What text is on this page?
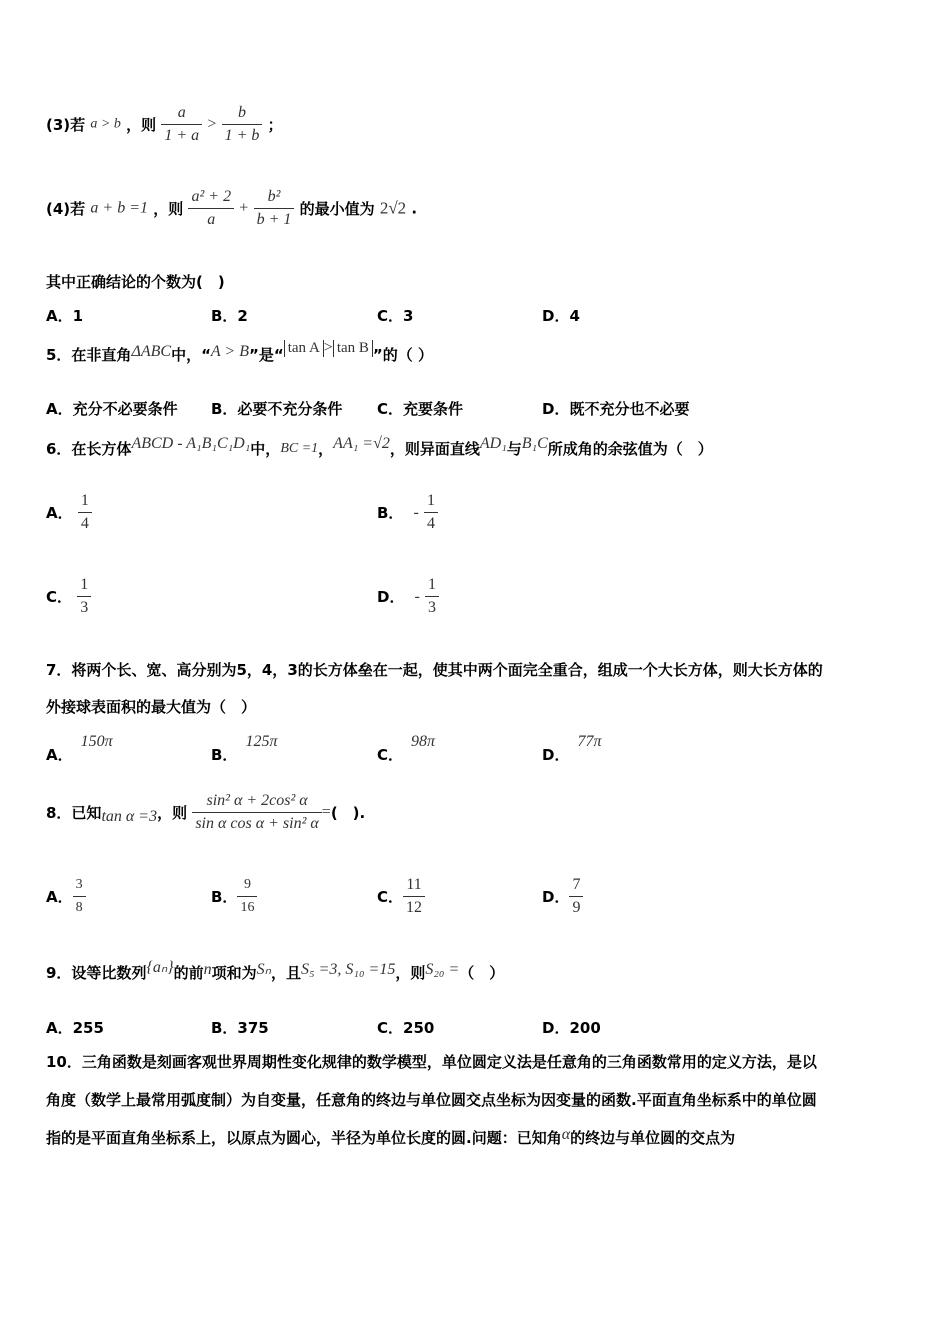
(3)若 a > b ，则 $\frac{a}{1 + a} > \frac{b}{1 + b}$ ；
(4)若 a + b =1 ，则 $\frac{\text{a² + 2}}{a} + \frac{\text{b²}}{b + 1}$ 的最小值为 2√2 .
其中正确结论的个数为(　)
A．1	B．2	C．3	D．4
5．在非直角ΔABC中，“A > B”是“ tan A > tan B ”的（ ）
A．充分不必要条件 B．必要不充分条件 C．充要条件	D．既不充分也不必要
6．在长方体ABCD - A₁B₁C₁D₁中，BC =1，AA₁ =√2，则异面直线AD₁与B₁C所成角的余弦值为（　）
A． $\frac{1}{4}$	B． - $\frac{1}{4}$
C． $\frac{1}{3}$	D． - $\frac{1}{3}$
7．将两个长、宽、高分别为5，4，3的长方体垒在一起，使其中两个面完全重合，组成一个大长方体，则大长方体的
外接球表面积的最大值为（　）
A．150π
B．125π
C．98π
D．77π
8．已知tan α =3，则 $\frac{\text{sin² α + 2cos² α}}{\text{sin α cos α + sin² α}}$ =(　).
A． $\frac{3}{8}$	B． $\frac{9}{16}$	C． $\frac{11}{12}$	D． $\frac{7}{9}$
9．设等比数列{aₙ}的前n项和为Sₙ，且S₅ =3, S₁₀ =15，则S₂₀ =（　）
A．255	B．375	C．250	D．200
10．三角函数是刻画客观世界周期性变化规律的数学模型，单位圆定义法是任意角的三角函数常用的定义方法，是以
角度（数学上最常用弧度制）为自变量，任意角的终边与单位圆交点坐标为因变量的函数.平面直角坐标系中的单位圆
指的是平面直角坐标系上，以原点为圆心，半径为单位长度的圆.问题：已知角α的终边与单位圆的交点为
